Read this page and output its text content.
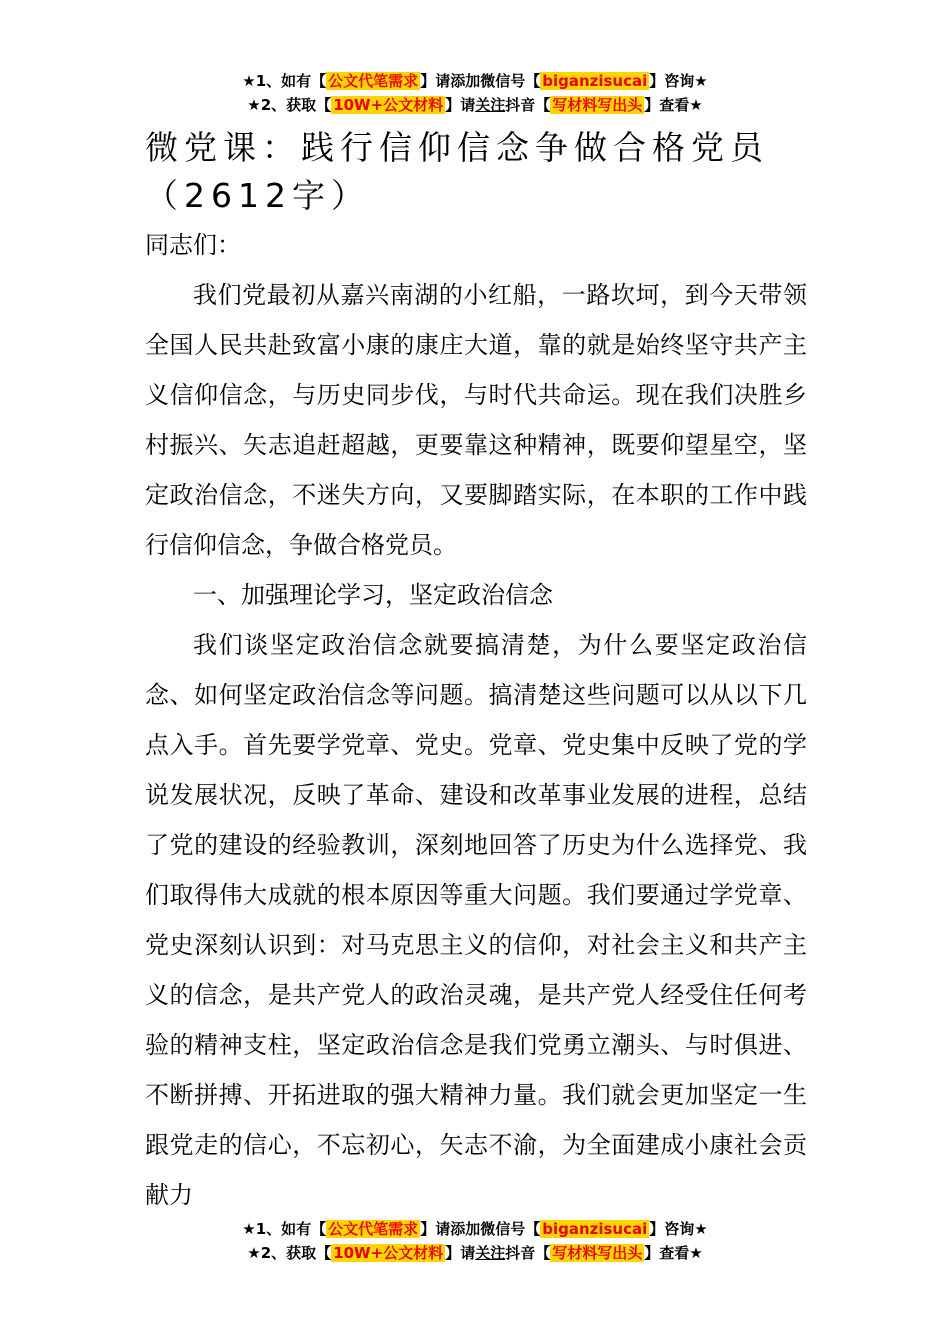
★1、如有【 公文代笔需求 】请添加微信号【 biganzisucai 】咨询★
★2、获取【 10W+公文材料 】请关注抖音【 写材料写出头 】查看★
微党课：践行信仰信念争做合格党员（2612字）

同志们：

我们党最初从嘉兴南湖的小红船，一路坎坷，到今天带领全国人民共赴致富小康的康庄大道，靠的就是始终坚守共产主义信仰信念，与历史同步伐，与时代共命运。现在我们决胜乡村振兴、矢志追赶超越，更要靠这种精神，既要仰望星空，坚定政治信念，不迷失方向，又要脚踏实际，在本职的工作中践行信仰信念，争做合格党员。

一、加强理论学习，坚定政治信念

我们谈坚定政治信念就要搞清楚，为什么要坚定政治信念、如何坚定政治信念等问题。搞清楚这些问题可以从以下几点入手。首先要学党章、党史。党章、党史集中反映了党的学说发展状况，反映了革命、建设和改革事业发展的进程，总结了党的建设的经验教训，深刻地回答了历史为什么选择党、我们取得伟大成就的根本原因等重大问题。我们要通过学党章、党史深刻认识到：对马克思主义的信仰，对社会主义和共产主义的信念，是共产党人的政治灵魂，是共产党人经受住任何考验的精神支柱，坚定政治信念是我们党勇立潮头、与时俱进、不断拼搏、开拓进取的强大精神力量。我们就会更加坚定一生跟党走的信心，不忘初心，矢志不渝，为全面建成小康社会贡献力

★1、如有【 公文代笔需求 】请添加微信号【 biganzisucai 】咨询★
★2、获取【 10W+公文材料 】请关注抖音【 写材料写出头 】查看★
